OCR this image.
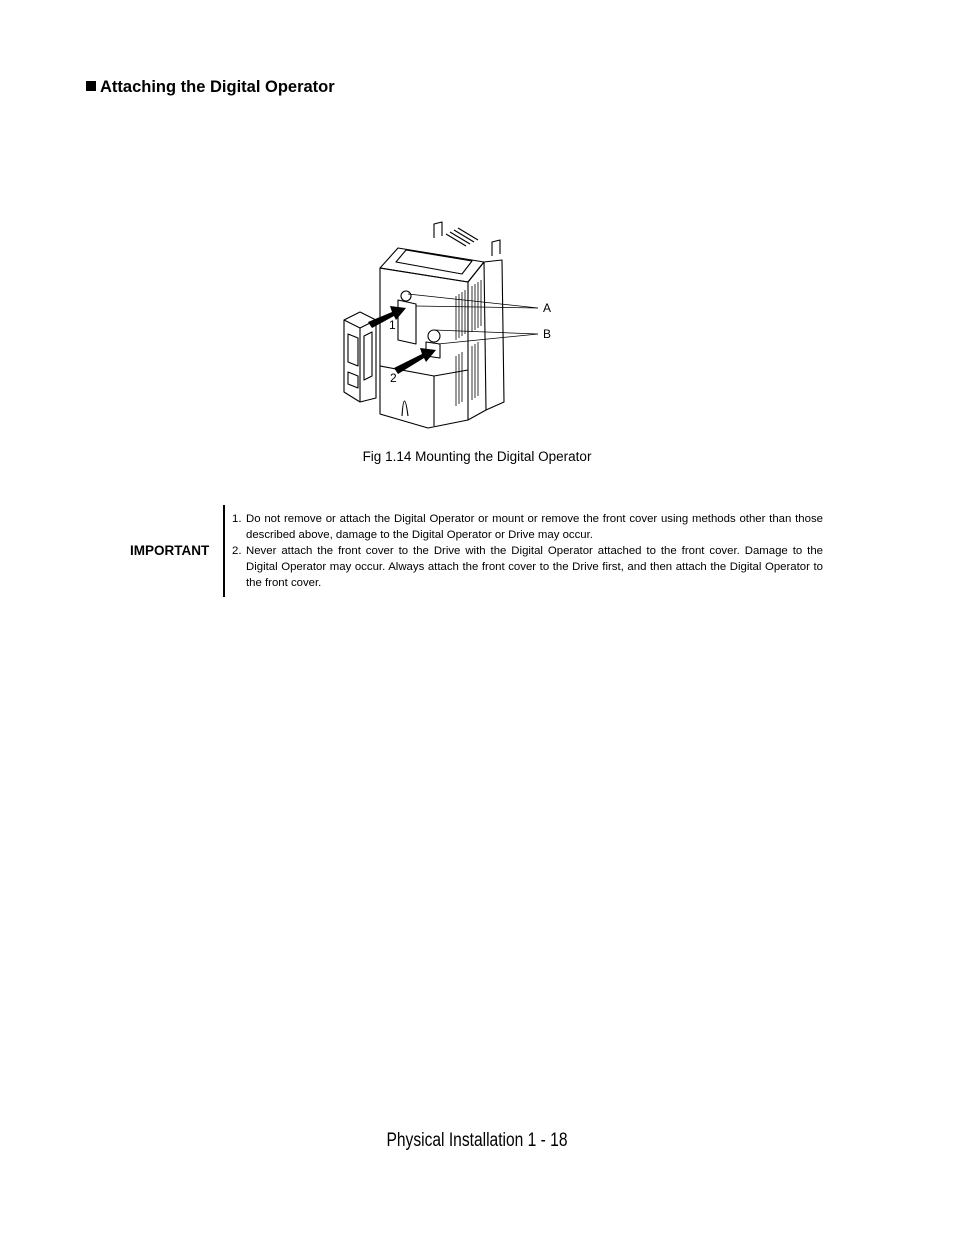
Attaching the Digital Operator
A
B
1
2
Fig 1.14 Mounting the Digital Operator
IMPORTANT
1. Do not remove or attach the Digital Operator or mount or remove the front cover using methods other than those described above, damage to the Digital Operator or Drive may occur.
2. Never attach the front cover to the Drive with the Digital Operator attached to the front cover. Damage to the Digital Operator may occur. Always attach the front cover to the Drive first, and then attach the Digital Operator to the front cover.
Physical Installation 1 - 18
